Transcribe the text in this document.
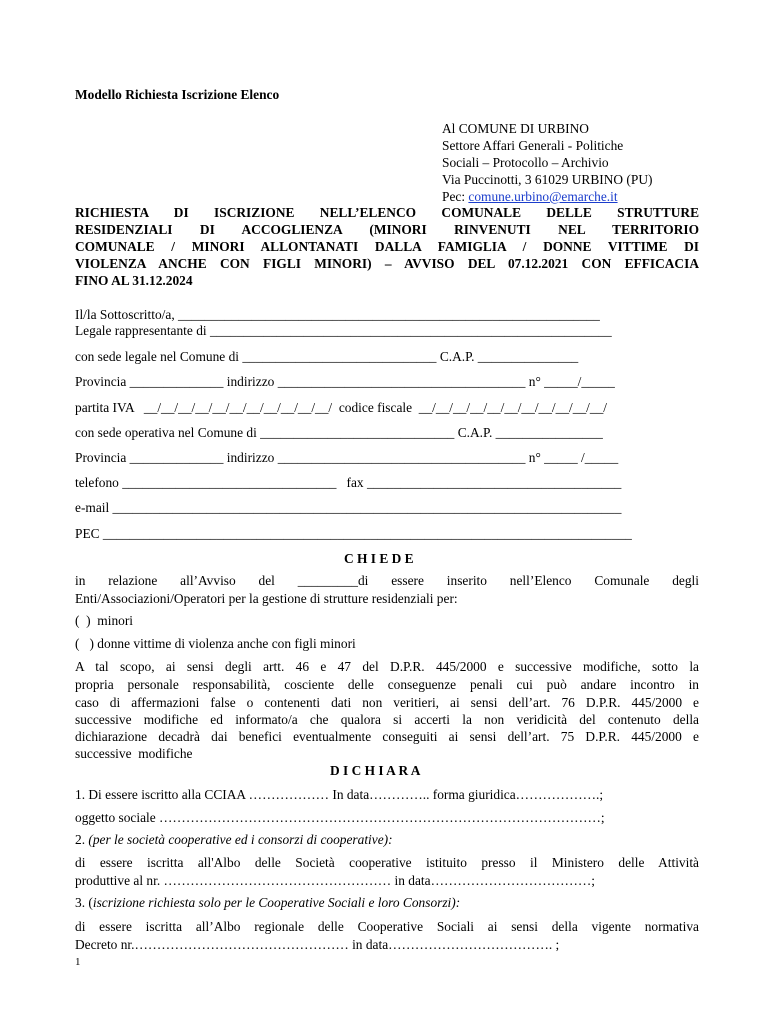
Modello Richiesta Iscrizione Elenco
Al COMUNE DI URBINO
Settore Affari Generali - Politiche
Sociali – Protocollo – Archivio
Via Puccinotti, 3 61029 URBINO (PU)
Pec: comune.urbino@emarche.it
RICHIESTA DI ISCRIZIONE NELL’ELENCO COMUNALE DELLE STRUTTURE
RESIDENZIALI DI ACCOGLIENZA (MINORI RINVENUTI NEL TERRITORIO
COMUNALE / MINORI ALLONTANATI DALLA FAMIGLIA / DONNE VITTIME DI
VIOLENZA ANCHE CON FIGLI MINORI) – AVVISO DEL 07.12.2021 CON EFFICACIA
FINO AL 31.12.2024
Il/la Sottoscritto/a, _______________________________________________________________
Legale rappresentante di ____________________________________________________________
con sede legale nel Comune di _____________________________ C.A.P. _______________
Provincia ______________ indirizzo _____________________________________ n° _____/_____
partita IVA   __/__/__/__/__/__/__/__/__/__/__/  codice fiscale  __/__/__/__/__/__/__/__/__/__/__/
con sede operativa nel Comune di _____________________________ C.A.P. ________________
Provincia ______________ indirizzo _____________________________________ n° _____ /_____
telefono ________________________________   fax ______________________________________
e-mail ____________________________________________________________________________
PEC _______________________________________________________________________________
C H I E D E
in relazione all’Avviso del _________di essere inserito nell’Elenco Comunale degli
Enti/Associazioni/Operatori per la gestione di strutture residenziali per:
(  )  minori
(   ) donne vittime di violenza anche con figli minori
A tal scopo, ai sensi degli artt. 46 e 47 del D.P.R. 445/2000 e successive modifiche, sotto la
propria personale responsabilità, cosciente delle conseguenze penali cui può andare incontro in
caso di affermazioni false o contenenti dati non veritieri, ai sensi dell’art. 76 D.P.R. 445/2000 e
successive modifiche ed informato/a che qualora si accerti la non veridicità del contenuto della
dichiarazione decadrà dai benefici eventualmente conseguiti ai sensi dell’art. 75 D.P.R. 445/2000 e
successive  modifiche
D I C H I A R A
1. Di essere iscritto alla CCIAA ……………… In data………….. forma giuridica……………….;
oggetto sociale ………………………………………………………………………………………;
2. (per le società cooperative ed i consorzi di cooperative):
di essere iscritta all'Albo delle Società cooperative istituito presso il Ministero delle Attività
produttive al nr. …………………………………………… in data………………………………;
3. (iscrizione richiesta solo per le Cooperative Sociali e loro Consorzi):
di essere iscritta all’Albo regionale delle Cooperative Sociali ai sensi della vigente normativa
Decreto nr.………………………………………… in data………………………………. ;
1
